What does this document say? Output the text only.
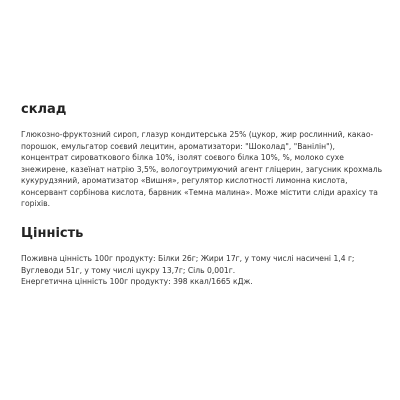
склад

Глюкозно-фруктозний сироп, глазур кондитерська 25% (цукор, жир рослинний, какао-порошок, емульгатор соєвий лецитин, ароматизатори: "Шоколад", "Ванілін"), концентрат сироваткового білка 10%, ізолят соєвого білка 10%, %, молоко сухе знежирене, казеїнат натрію 3,5%, вологоутримуючий агент гліцерин, загусник крохмаль кукурудзяний, ароматизатор «Вишня», регулятор кислотності лимонна кислота, консервант сорбінова кислота, барвник «Темна малина». Може містити сліди арахісу та горіхів.

Цінність
Поживна цінність 100г продукту: Білки 26г; Жири 17г, у тому числі насичені 1,4 г;
Вуглеводи 51г, у тому числі цукру 13,7г; Сіль 0,001г.
Енергетична цінність 100г продукту: 398 ккал/1665 кДж.
